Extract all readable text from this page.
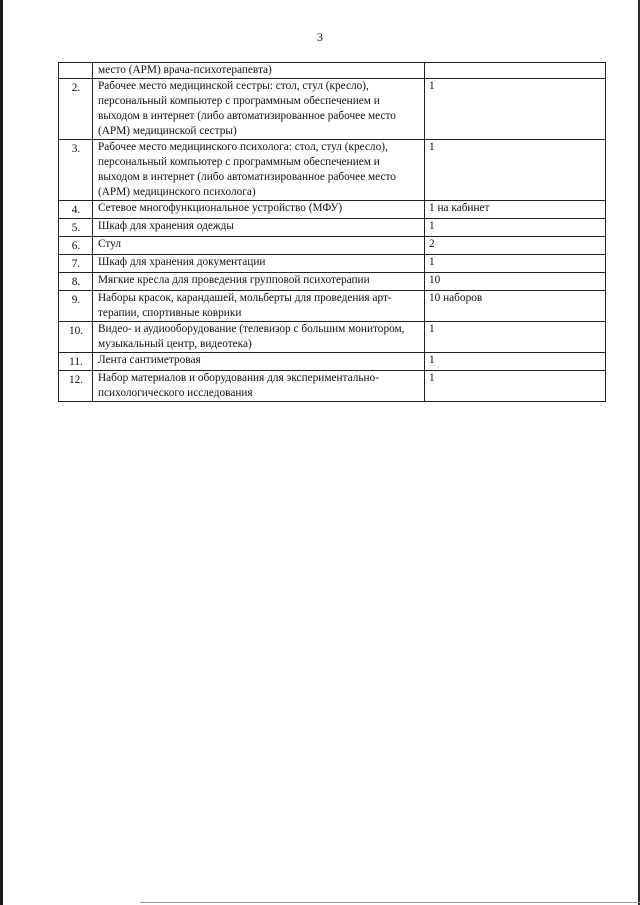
3
	место (АРМ) врача-психотерапевта)	
2.	Рабочее место медицинской сестры: стол, стул (кресло), персональный компьютер с программным обеспечением и выходом в интернет (либо автоматизированное рабочее место (АРМ) медицинской сестры)	1
3.	Рабочее место медицинского психолога: стол, стул (кресло), персональный компьютер с программным обеспечением и выходом в интернет (либо автоматизированное рабочее место (АРМ) медицинского психолога)	1
4.	Сетевое многофункциональное устройство (МФУ)	1 на кабинет
5.	Шкаф для хранения одежды	1
6.	Стул	2
7.	Шкаф для хранения документации	1
8.	Мягкие кресла для проведения групповой психотерапии	10
9.	Наборы красок, карандашей, мольберты для проведения арт-терапии, спортивные коврики	10 наборов
10.	Видео- и аудиооборудование (телевизор с большим монитором, музыкальный центр, видеотека)	1
11.	Лента сантиметровая	1
12.	Набор материалов и оборудования для экспериментально-психологического исследования	1
